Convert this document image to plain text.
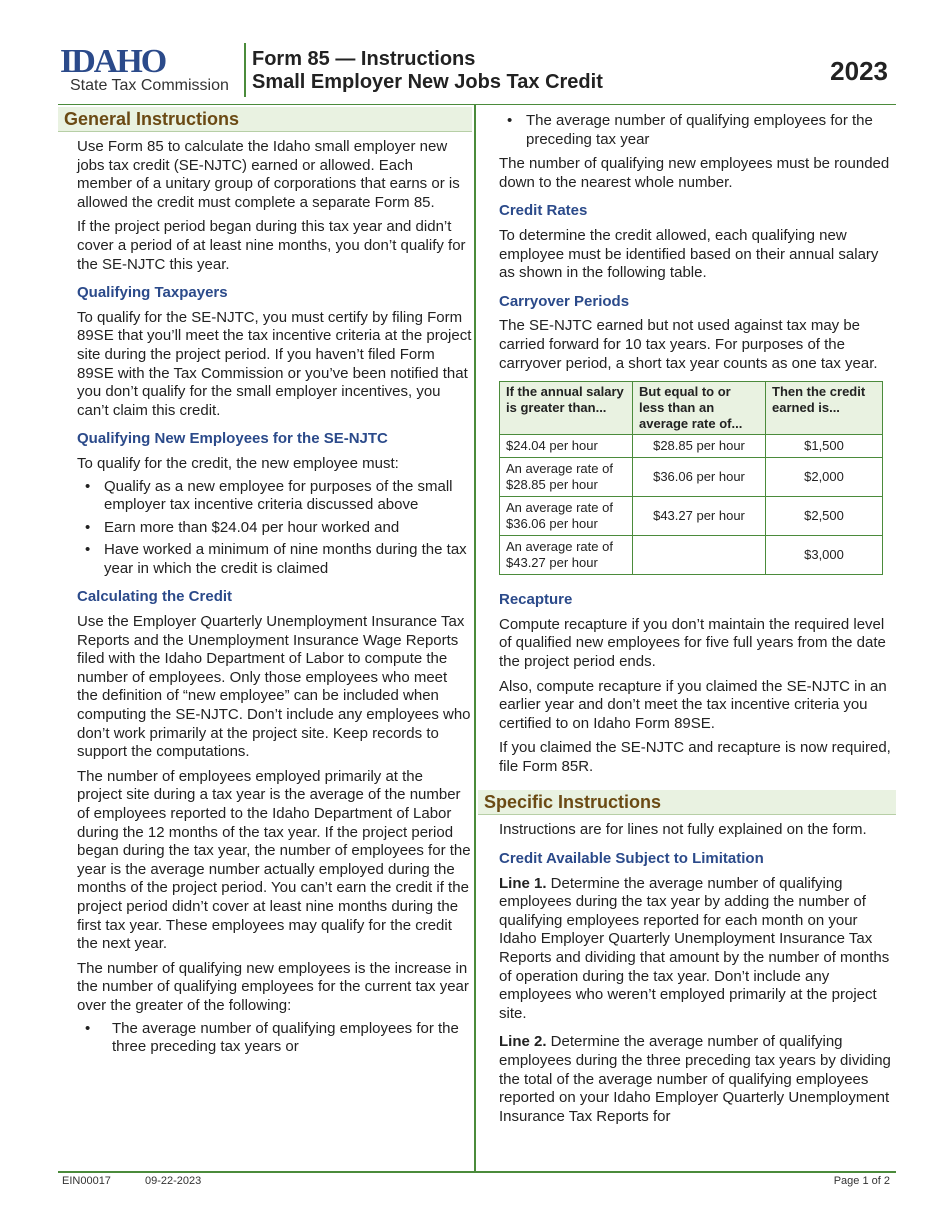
IDAHO
State Tax Commission
Form 85 — Instructions
Small Employer New Jobs Tax Credit	2023
General Instructions

Use Form 85 to calculate the Idaho small employer new jobs tax credit (SE-NJTC) earned or allowed. Each member of a unitary group of corporations that earns or is allowed the credit must complete a separate Form 85.

If the project period began during this tax year and didn’t cover a period of at least nine months, you don’t qualify for the SE-NJTC this year.

Qualifying Taxpayers

To qualify for the SE-NJTC, you must certify by filing Form 89SE that you’ll meet the tax incentive criteria at the project site during the project period. If you haven’t filed Form 89SE with the Tax Commission or you’ve been notified that you don’t qualify for the small employer incentives, you can’t claim this credit.

Qualifying New Employees for the SE-NJTC

To qualify for the credit, the new employee must:

• Qualify as a new employee for purposes of the small employer tax incentive criteria discussed above
• Earn more than $24.04 per hour worked and
• Have worked a minimum of nine months during the tax year in which the credit is claimed
Calculating the Credit

Use the Employer Quarterly Unemployment Insurance Tax Reports and the Unemployment Insurance Wage Reports filed with the Idaho Department of Labor to compute the number of employees. Only those employees who meet the definition of “new employee” can be included when computing the SE-NJTC. Don’t include any employees who don’t work primarily at the project site. Keep records to support the computations.

The number of employees employed primarily at the project site during a tax year is the average of the number of employees reported to the Idaho Department of Labor during the 12 months of the tax year. If the project period began during the tax year, the number of employees for the year is the average number actually employed during the months of the project period. You can’t earn the credit if the project period didn’t cover at least nine months during the first tax year. These employees may qualify for the credit the next year.

The number of qualifying new employees is the increase in the number of qualifying employees for the current tax year over the greater of the following:

• The average number of qualifying employees for the three preceding tax years or
• The average number of qualifying employees for the preceding tax year

The number of qualifying new employees must be rounded down to the nearest whole number.

Credit Rates

To determine the credit allowed, each qualifying new employee must be identified based on their annual salary as shown in the following table.

Carryover Periods

The SE-NJTC earned but not used against tax may be carried forward for 10 tax years. For purposes of the carryover period, a short tax year counts as one tax year.

If the annual salary is greater than...	But equal to or less than an average rate of...	Then the credit earned is...
$24.04 per hour	$28.85 per hour	$1,500
An average rate of $28.85 per hour	$36.06 per hour	$2,000
An average rate of $36.06 per hour	$43.27 per hour	$2,500
An average rate of $43.27 per hour		$3,000
Recapture

Compute recapture if you don’t maintain the required level of qualified new employees for five full years from the date the project period ends.

Also, compute recapture if you claimed the SE-NJTC in an earlier year and don’t meet the tax incentive criteria you certified to on Idaho Form 89SE.

If you claimed the SE-NJTC and recapture is now required, file Form 85R.

Specific Instructions

Instructions are for lines not fully explained on the form.

Credit Available Subject to Limitation

Line 1. Determine the average number of qualifying employees during the tax year by adding the number of qualifying employees reported for each month on your Idaho Employer Quarterly Unemployment Insurance Tax Reports and dividing that amount by the number of months of operation during the tax year. Don’t include any employees who weren’t employed primarily at the project site.

Line 2. Determine the average number of qualifying employees during the three preceding tax years by dividing the total of the average number of qualifying employees reported on your Idaho Employer Quarterly Unemployment Insurance Tax Reports for

EIN00017	09-22-2023	Page 1 of 2
